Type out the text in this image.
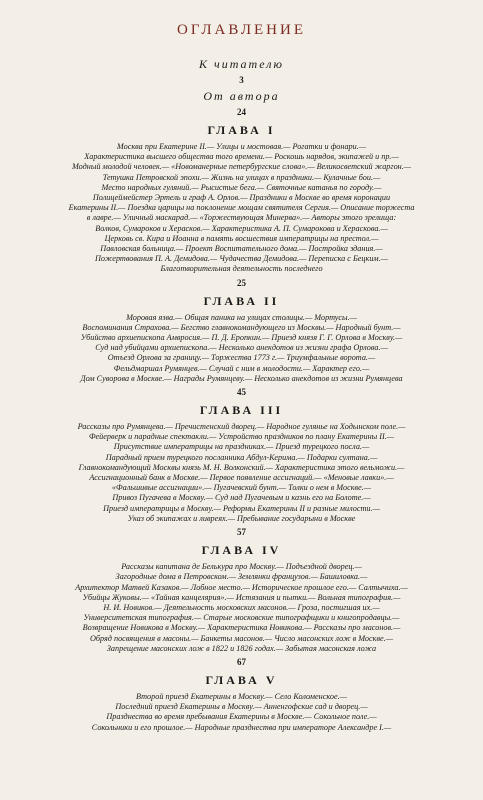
ОГЛАВЛЕНИЕ

К читателю

3

От автора

24
ГЛАВА I

Москва при Екатерине II.— Улицы и мостовая.— Рогатки и фонари.—
Характеристика высшего общества того времени.— Роскошь нарядов, экипажей и пр.—
Модный молодой человек.— «Новоманерные петербургские слова».— Великосветский жаргон.—
Тетушка Петровской эпохи.— Жизнь на улицах в праздники.— Кулачные бои.—
Место народных гуляний.— Рысистые бега.— Святочные катанья по городу.—
Полицеймейстер Эртель и граф А. Орлов.— Праздники в Москве во время коронации
Екатерины II.— Поездка царицы на поклонение мощам святителя Сергия.— Описание торжеста
в лавре.— Уличный маскарад.— «Торжествующая Минерва».— Авторы этого зрелища:
Волков, Сумароков и Херасков.— Характеристика А. П. Сумарокова и Хераскова.—
Церковь св. Кира и Иоанна в память восшествия императрицы на престол.—
Павловская больница.— Проект Воспитательного дома.— Постройка здания.—
Пожертвования П. А. Демидова.— Чудачества Демидова.— Переписка с Бецким.—
Благотворительная деятельность последнего

25
ГЛАВА II

Моровая язва.— Общая паника на улицах столицы.— Мортусы.—
Воспоминания Страхова.— Бегство главнокомандующего из Москвы.— Народный бунт.—
Убийство архиепископа Амвросия.— П. Д. Еропкин.— Приезд князя Г. Г. Орлова в Москву.—
Суд над убийцами архиепископа.— Несколько анекдотов из жизни графа Орлова.—
Отъезд Орлова за границу.— Торжества 1773 г.— Триумфальные ворота.—
Фельдмаршал Румянцев.— Случай с ним в молодости.— Характер его.—
Дом Суворова в Москве.— Награды Румянцеву.— Несколько анекдотов из жизни Румянцева

45
ГЛАВА III

Рассказы про Румянцева.— Пречистенский дворец.— Народное гулянье на Ходынском поле.—
Фейерверк и парадные спектакли.— Устройство праздников по плану Екатерины II.—
Присутствие императрицы на праздниках.— Приезд турецкого посла.—
Парадный прием турецкого посланника Абдул-Керима.— Подарки султана.—
Главнокомандующий Москвы князь М. Н. Волконский.— Характеристика этого вельможи.—
Ассигнационный банк в Москве.— Первое появление ассигнаций.— «Меновые лавки».—
«Фальшивые ассигнации».— Пугачевский бунт.— Толки о нем в Москве.—
Привоз Пугачева в Москву.— Суд над Пугачевым и казнь его на Болоте.—
Приезд императрицы в Москву.— Реформы Екатерины II и разные милости.—
Указ об экипажах и ливреях.— Пребывание государыни в Москве

57
ГЛАВА IV

Рассказы капитана де Белькура про Москву.— Подъездной дворец.—
Загородные дома в Петровском.— Землянки французов.— Башиловка.—
Архитектор Матвей Казаков.— Лобное место.— Историческое прошлое его.— Салтычиха.—
Убийцы Жуковы.— «Тайная канцелярия».— Истязания и пытки.— Вольная типография.—
Н. И. Новиков.— Деятельность московских масонов.— Гроза, постигшая их.—
Университетская типография.— Старые московские типографщики и книгопродавцы.—
Возвращение Новикова в Москву.— Характеристика Новикова.— Рассказы про масонов.—
Обряд посвящения в масоны.— Банкеты масонов.— Число масонских лож в Москве.—
Запрещение масонских лож в 1822 и 1826 годах.— Забытая масонская ложа

67
ГЛАВА V

Второй приезд Екатерины в Москву.— Село Коломенское.—
Последний приезд Екатерины в Москву.— Анненгофские сад и дворец.—
Празднества во время пребывания Екатерины в Москве.— Сокольное поле.—
Сокольники и его прошлое.— Народные празднества при императоре Александре I.—
